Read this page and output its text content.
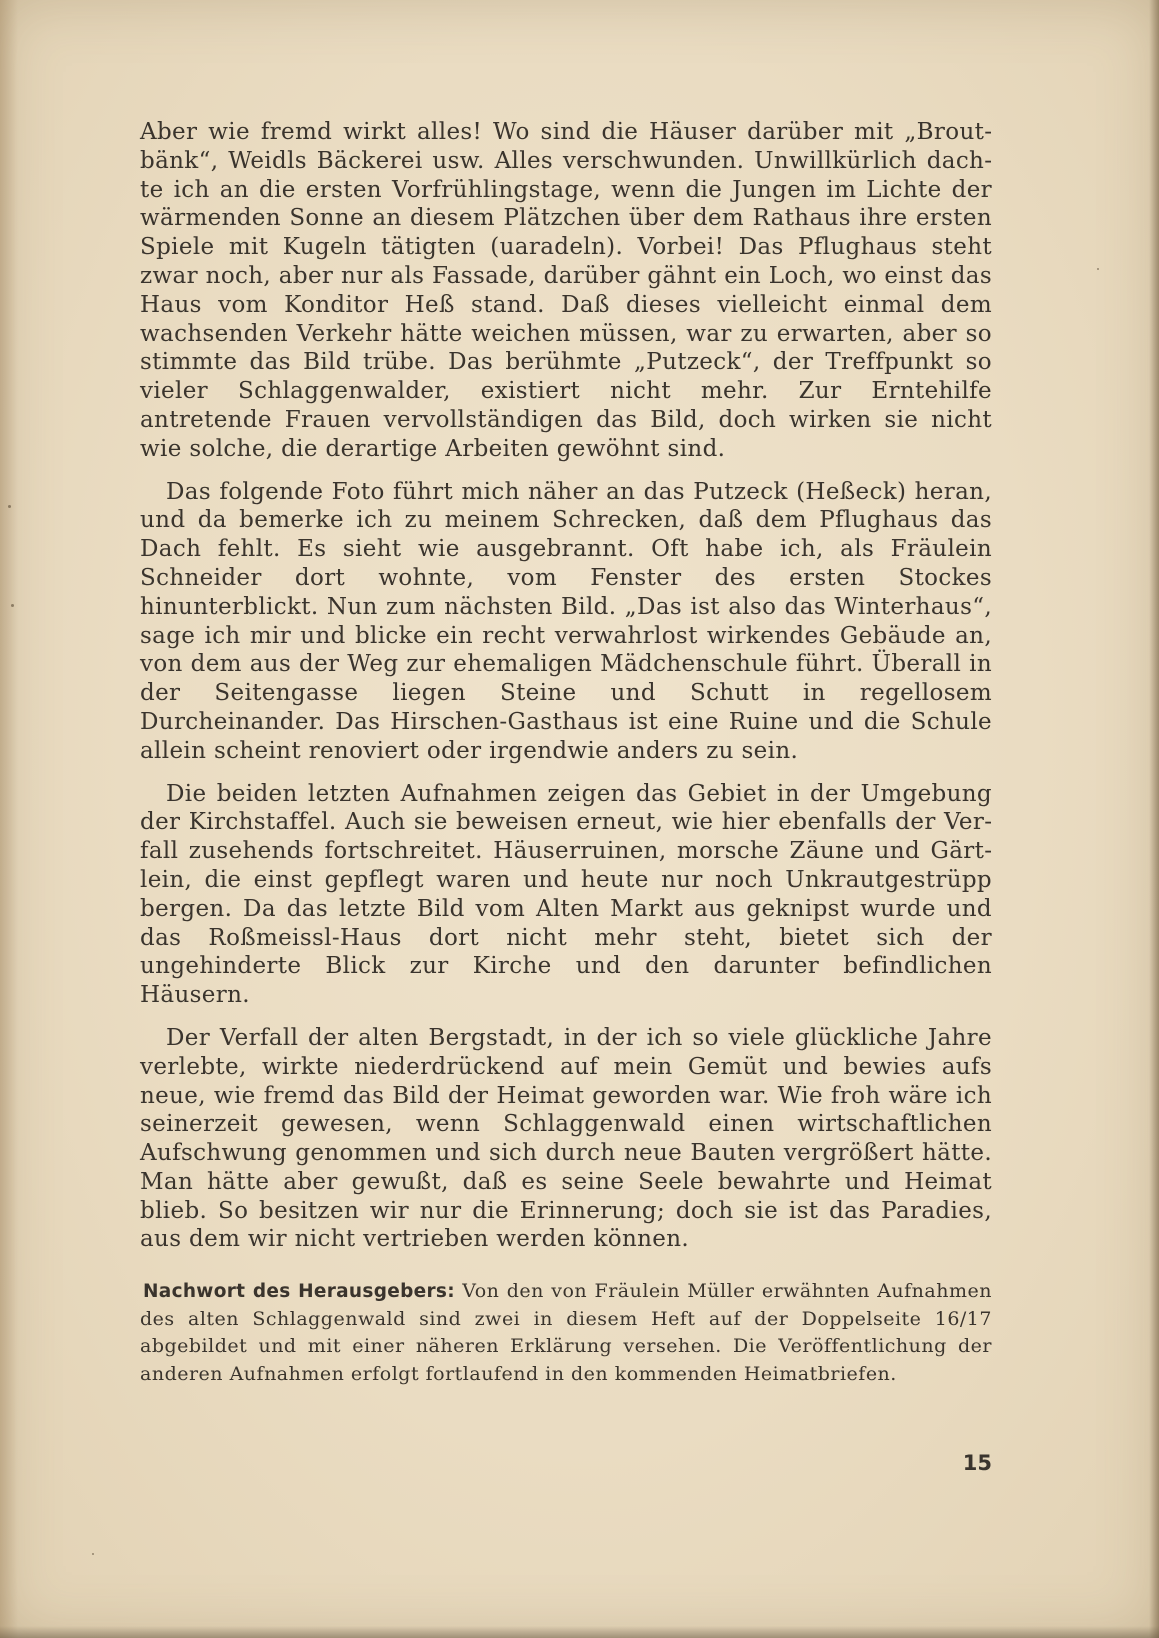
Aber wie fremd wirkt alles! Wo sind die Häuser darüber mit „Broutbänk“, Weidls Bäckerei usw. Alles verschwunden. Unwillkürlich dachte ich an die ersten Vorfrühlingstage, wenn die Jungen im Lichte der wärmenden Sonne an diesem Plätzchen über dem Rathaus ihre ersten Spiele mit Kugeln tätigten (uaradeln). Vorbei! Das Pflughaus steht zwar noch, aber nur als Fassade, darüber gähnt ein Loch, wo einst das Haus vom Konditor Heß stand. Daß dieses vielleicht einmal dem wachsenden Verkehr hätte weichen müssen, war zu erwarten, aber so stimmte das Bild trübe. Das berühmte „Putzeck“, der Treffpunkt so vieler Schlaggenwalder, existiert nicht mehr. Zur Erntehilfe antretende Frauen vervollständigen das Bild, doch wirken sie nicht wie solche, die derartige Arbeiten gewöhnt sind.

Das folgende Foto führt mich näher an das Putzeck (Heßeck) heran, und da bemerke ich zu meinem Schrecken, daß dem Pflughaus das Dach fehlt. Es sieht wie ausgebrannt. Oft habe ich, als Fräulein Schneider dort wohnte, vom Fenster des ersten Stockes hinunterblickt. Nun zum nächsten Bild. „Das ist also das Winterhaus“, sage ich mir und blicke ein recht verwahrlost wirkendes Gebäude an, von dem aus der Weg zur ehemaligen Mädchenschule führt. Überall in der Seitengasse liegen Steine und Schutt in regellosem Durcheinander. Das Hirschen-Gasthaus ist eine Ruine und die Schule allein scheint renoviert oder irgendwie anders zu sein.

Die beiden letzten Aufnahmen zeigen das Gebiet in der Umgebung der Kirchstaffel. Auch sie beweisen erneut, wie hier ebenfalls der Verfall zusehends fortschreitet. Häuserruinen, morsche Zäune und Gärtlein, die einst gepflegt waren und heute nur noch Unkrautgestrüpp bergen. Da das letzte Bild vom Alten Markt aus geknipst wurde und das Roßmeissl-Haus dort nicht mehr steht, bietet sich der ungehinderte Blick zur Kirche und den darunter befindlichen Häusern.

Der Verfall der alten Bergstadt, in der ich so viele glückliche Jahre verlebte, wirkte niederdrückend auf mein Gemüt und bewies aufs neue, wie fremd das Bild der Heimat geworden war. Wie froh wäre ich seinerzeit gewesen, wenn Schlaggenwald einen wirtschaftlichen Aufschwung genommen und sich durch neue Bauten vergrößert hätte. Man hätte aber gewußt, daß es seine Seele bewahrte und Heimat blieb. So besitzen wir nur die Erinnerung; doch sie ist das Paradies, aus dem wir nicht vertrieben werden können.

Nachwort des Herausgebers: Von den von Fräulein Müller erwähnten Aufnahmen des alten Schlaggenwald sind zwei in diesem Heft auf der Doppelseite 16/17 abgebildet und mit einer näheren Erklärung versehen. Die Veröffentlichung der anderen Aufnahmen erfolgt fortlaufend in den kommenden Heimatbriefen.

15
